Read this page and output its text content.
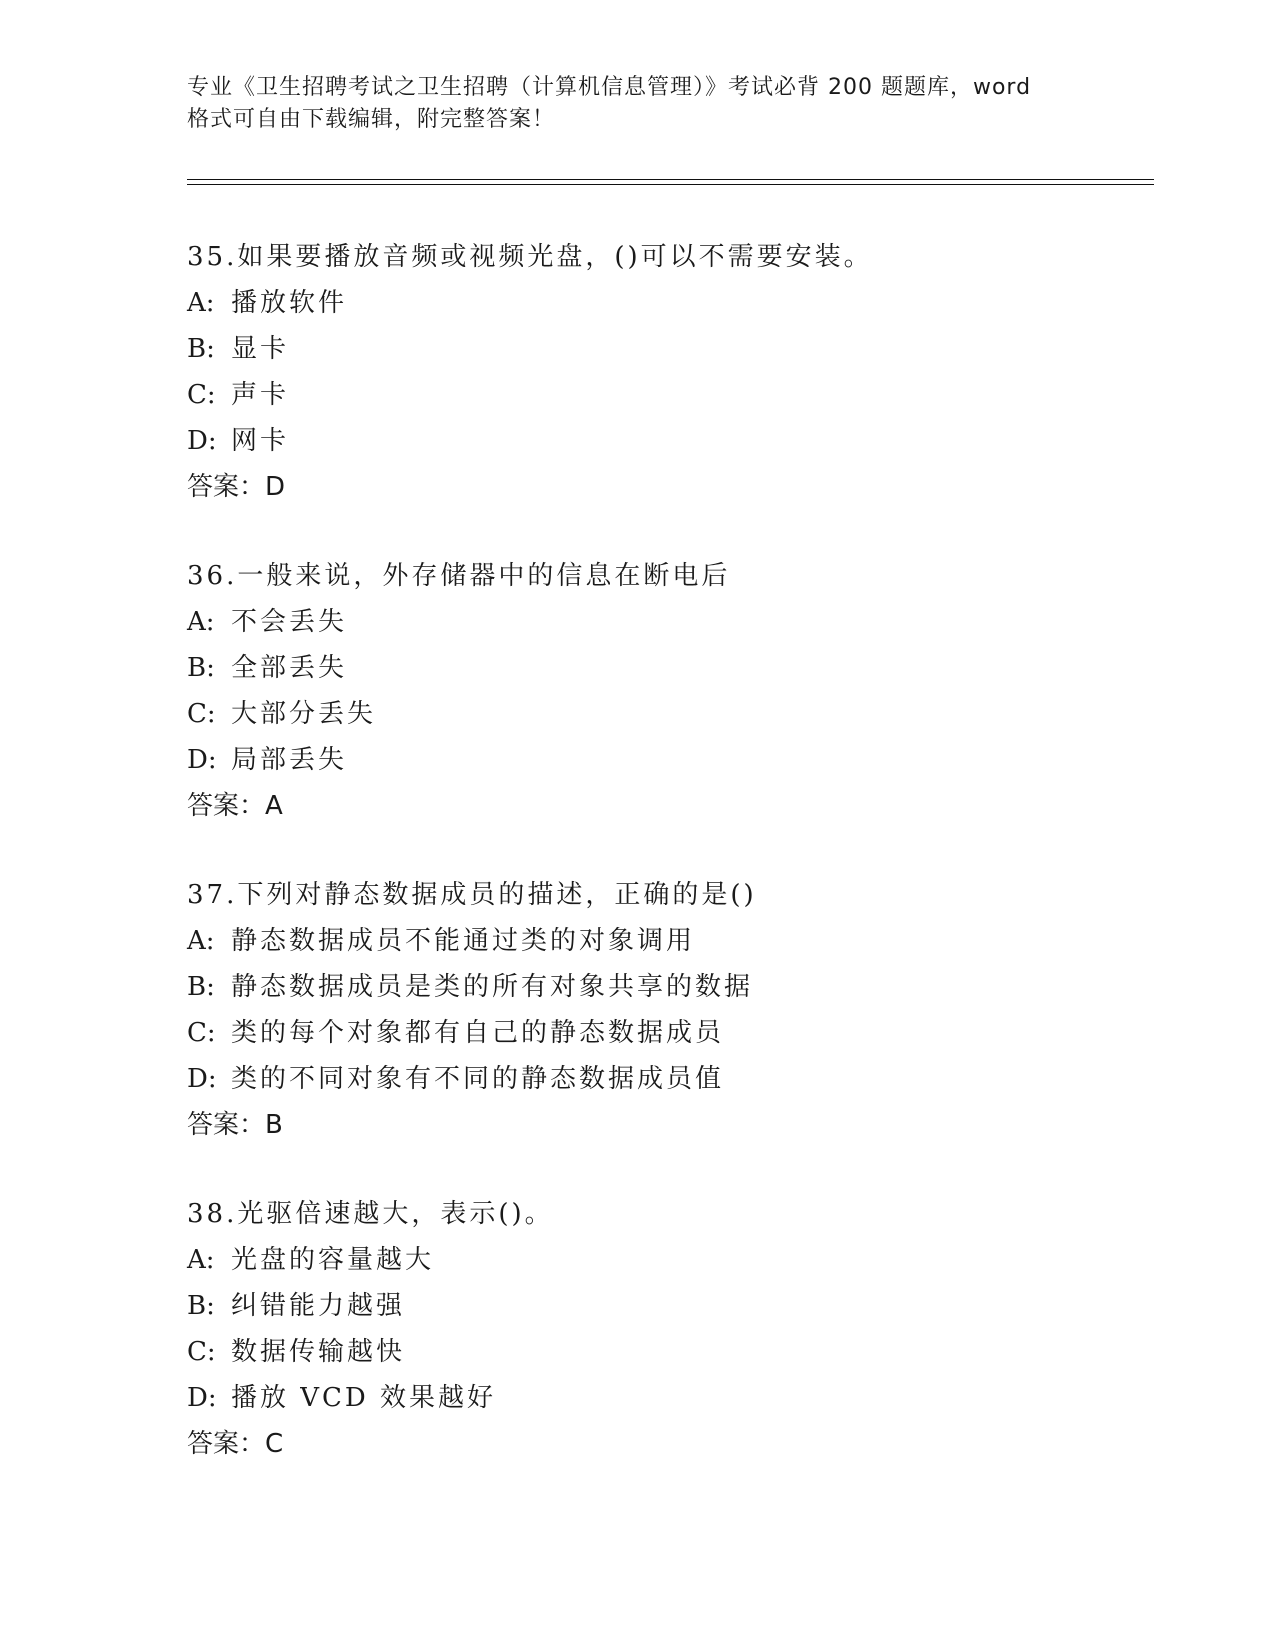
专业《卫生招聘考试之卫生招聘（计算机信息管理）》考试必背 200 题题库，word
格式可自由下载编辑，附完整答案！
35.如果要播放音频或视频光盘，()可以不需要安装。
A: 播放软件
B: 显卡
C: 声卡
D: 网卡
答案：D
36.一般来说，外存储器中的信息在断电后
A: 不会丢失
B: 全部丢失
C: 大部分丢失
D: 局部丢失
答案：A
37.下列对静态数据成员的描述，正确的是()
A: 静态数据成员不能通过类的对象调用
B: 静态数据成员是类的所有对象共享的数据
C: 类的每个对象都有自己的静态数据成员
D: 类的不同对象有不同的静态数据成员值
答案：B
38.光驱倍速越大，表示()。
A: 光盘的容量越大
B: 纠错能力越强
C: 数据传输越快
D: 播放 VCD 效果越好
答案：C
